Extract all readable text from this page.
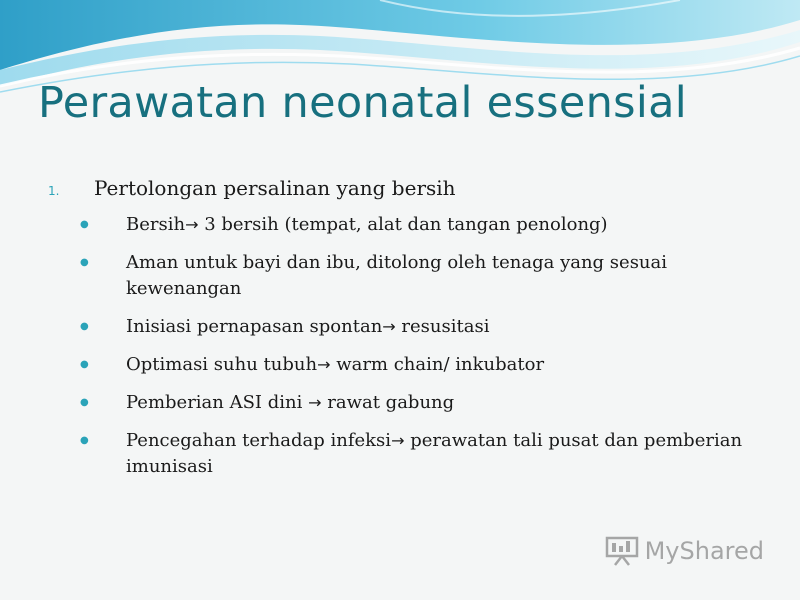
Perawatan neonatal essensial
1. Pertolongan persalinan yang bersih
● Bersih→ 3 bersih (tempat, alat dan tangan penolong)
● Aman untuk bayi dan ibu, ditolong oleh tenaga yang sesuai kewenangan
● Inisiasi pernapasan spontan→ resusitasi
● Optimasi suhu tubuh→ warm chain/ inkubator
● Pemberian ASI dini → rawat gabung
● Pencegahan terhadap infeksi→ perawatan tali pusat dan pemberian imunisasi
MyShared
